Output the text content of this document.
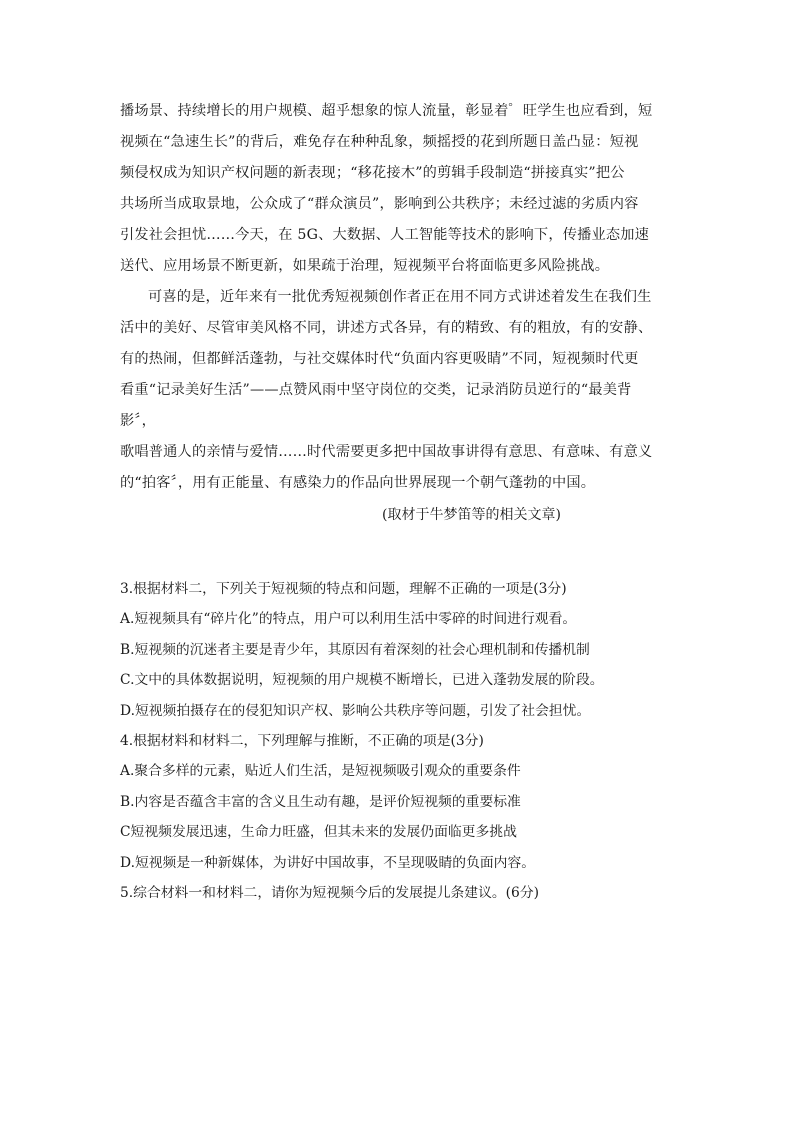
播场景、持续增长的用户规模、超乎想象的惊人流量，彰显着゜旺学生也应看到，短

视频在“急速生长”的背后，难免存在种种乱象，频摇授的花到所题日盖凸显：短视

频侵权成为知识产权问题的新表现；“移花接木”的剪辑手段制造“拼接真实”把公

共场所当成取景地，公众成了“群众演员”，影响到公共秩序；未经过滤的劣质内容

引发社会担忧……今天，在 5G、大数据、人工智能等技术的影响下，传播业态加速

送代、应用场景不断更新，如果疏于治理，短视频平台将面临更多风险挑战。

可喜的是，近年来有一批优秀短视频创作者正在用不同方式讲述着发生在我们生

活中的美好、尽管审美风格不同，讲述方式各异，有的精致、有的粗放，有的安静、

有的热闹，但都鲜活蓬勃，与社交媒体时代“负面内容更吸睛”不同，短视频时代更

看重“记录美好生活”——点赞风雨中坚守岗位的交类，记录消防员逆行的“最美背

影〞，

歌唱普通人的亲情与爱情……时代需要更多把中国故事讲得有意思、有意味、有意义

的“拍客〞，用有正能量、有感染力的作品向世界展现一个朝气蓬勃的中国。

(取材于牛梦笛等的相关文章)

3.根据材料二，下列关于短视频的特点和问题，理解不正确的一项是(3分)

A.短视频具有“碎片化”的特点，用户可以利用生活中零碎的时间进行观看。

B.短视频的沉迷者主要是青少年，其原因有着深刻的社会心理机制和传播机制

C.文中的具体数据说明，短视频的用户规模不断增长，已进入蓬勃发展的阶段。

D.短视频拍摄存在的侵犯知识产权、影响公共秩序等问题，引发了社会担忧。

4.根据材料和材料二，下列理解与推断，不正确的项是(3分)

A.聚合多样的元素，贴近人们生活，是短视频吸引观众的重要条件

B.内容是否蕴含丰富的含义且生动有趣，是评价短视频的重要标准

C短视频发展迅速，生命力旺盛，但其未来的发展仍面临更多挑战

D.短视频是一种新媒体，为讲好中国故事，不呈现吸睛的负面内容。

5.综合材料一和材料二，请你为短视频今后的发展提儿条建议。(6分)
